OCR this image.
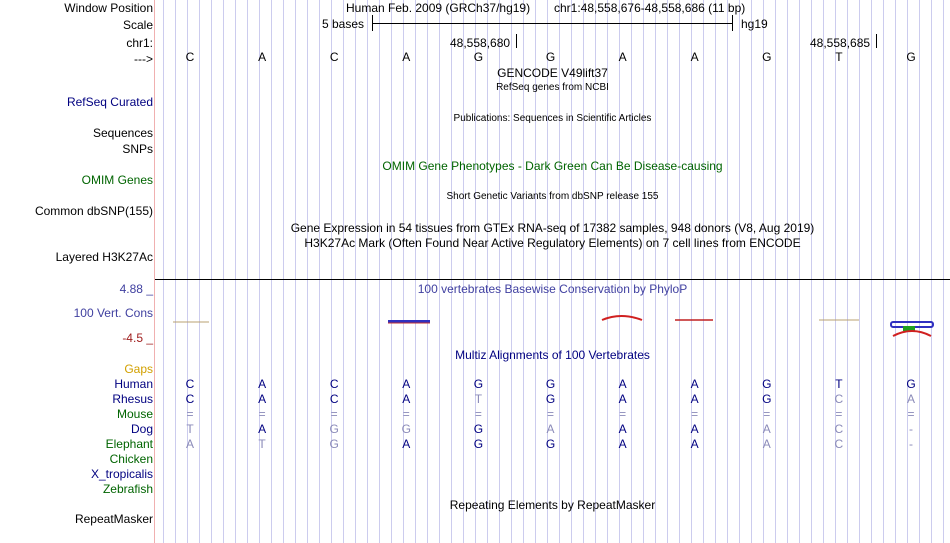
Window Position	Human Feb. 2009 (GRCh37/hg19) chr1:48,558,676-48,558,686 (11 bp)
Scale	5 bases	hg19
chr1:	48,558,680	48,558,685
--->	C	A	C	A	G	G	A	A	G	T	G
GENCODE V49lift37
RefSeq genes from NCBI
RefSeq Curated
Publications: Sequences in Scientific Articles
Sequences
SNPs
OMIM Gene Phenotypes - Dark Green Can Be Disease-causing
OMIM Genes
Short Genetic Variants from dbSNP release 155
Common dbSNP(155)
Gene Expression in 54 tissues from GTEx RNA-seq of 17382 samples, 948 donors (V8, Aug 2019)
H3K27Ac Mark (Often Found Near Active Regulatory Elements) on 7 cell lines from ENCODE
Layered H3K27Ac
100 vertebrates Basewise Conservation by PhyloP
4.88 _
100 Vert. Cons
-4.5 _
Multiz Alignments of 100 Vertebrates
Gaps
Human	C	A	C	A	G	G	A	A	G	T	G
Rhesus	C	A	C	A	T	G	A	A	G	C	A
Mouse	=	=	=	=	=	=	=	=	=	=	=
Dog	T	A	G	G	G	A	A	A	A	C	-
Elephant	A	T	G	A	G	G	A	A	A	C	-
Chicken
X_tropicalis
Zebrafish
Repeating Elements by RepeatMasker
RepeatMasker
